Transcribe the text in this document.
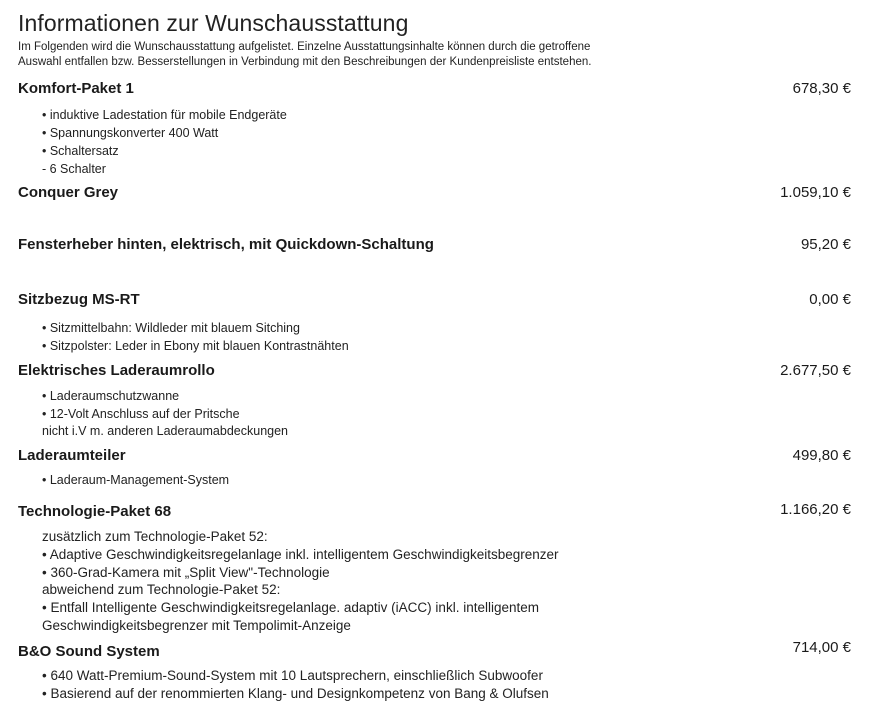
Informationen zur Wunschausstattung
Im Folgenden wird die Wunschausstattung aufgelistet. Einzelne Ausstattungsinhalte können durch die getroffene
Auswahl entfallen bzw. Besserstellungen in Verbindung mit den Beschreibungen der Kundenpreisliste entstehen.
Komfort-Paket 1	678,30 €
• induktive Ladestation für mobile Endgeräte
• Spannungskonverter 400 Watt
• Schaltersatz
- 6 Schalter
Conquer Grey	1.059,10 €
Fensterheber hinten, elektrisch, mit Quickdown-Schaltung	95,20 €
Sitzbezug MS-RT	0,00 €
• Sitzmittelbahn: Wildleder mit blauem Sitching
• Sitzpolster: Leder in Ebony mit blauen Kontrastnähten
Elektrisches Laderaumrollo	2.677,50 €
• Laderaumschutzwanne
• 12-Volt Anschluss auf der Pritsche
nicht i.V m. anderen Laderaumabdeckungen
Laderaumteiler	499,80 €
• Laderaum-Management-System
Technologie-Paket 68	1.166,20 €
zusätzlich zum Technologie-Paket 52:
• Adaptive Geschwindigkeitsregelanlage inkl. intelligentem Geschwindigkeitsbegrenzer
• 360-Grad-Kamera mit „Split View"-Technologie
abweichend zum Technologie-Paket 52:
• Entfall Intelligente Geschwindigkeitsregelanlage. adaptiv (iACC) inkl. intelligentem
Geschwindigkeitsbegrenzer mit Tempolimit-Anzeige
B&O Sound System	714,00 €
• 640 Watt-Premium-Sound-System mit 10 Lautsprechern, einschließlich Subwoofer
• Basierend auf der renommierten Klang- und Designkompetenz von Bang & Olufsen
